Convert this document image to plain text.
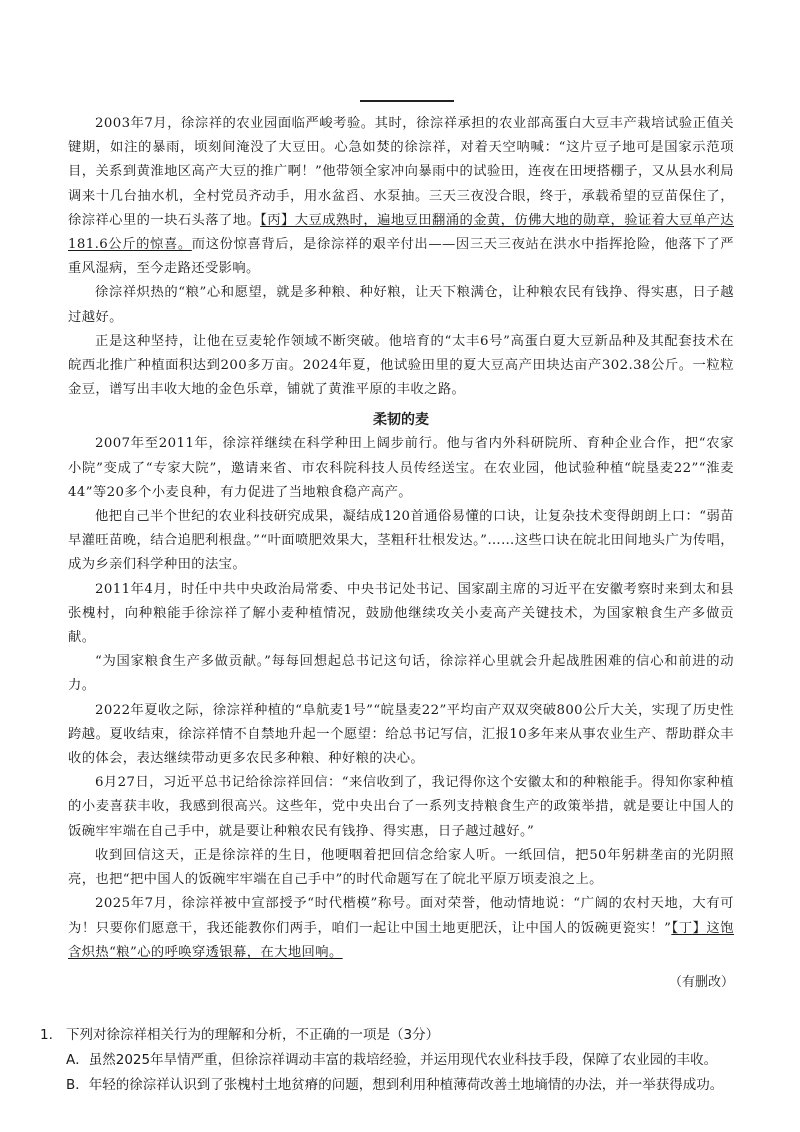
2003年7月，徐淙祥的农业园面临严峻考验。其时，徐淙祥承担的农业部高蛋白大豆丰产栽培试验正值关键期，如注的暴雨，顷刻间淹没了大豆田。心急如焚的徐淙祥，对着天空呐喊：“这片豆子地可是国家示范项目，关系到黄淮地区高产大豆的推广啊！”他带领全家冲向暴雨中的试验田，连夜在田埂搭棚子，又从县水利局调来十几台抽水机，全村党员齐动手，用水盆舀、水泵抽。三天三夜没合眼，终于，承载希望的豆苗保住了，徐淙祥心里的一块石头落了地。【丙】大豆成熟时，遍地豆田翻涌的金黄，仿佛大地的勋章，验证着大豆单产达181.6公斤的惊喜。而这份惊喜背后，是徐淙祥的艰辛付出——因三天三夜站在洪水中指挥抢险，他落下了严重风湿病，至今走路还受影响。

徐淙祥炽热的“粮”心和愿望，就是多种粮、种好粮，让天下粮满仓，让种粮农民有钱挣、得实惠，日子越过越好。

正是这种坚持，让他在豆麦轮作领域不断突破。他培育的“太丰6号”高蛋白夏大豆新品种及其配套技术在皖西北推广种植面积达到200多万亩。2024年夏，他试验田里的夏大豆高产田块达亩产302.38公斤。一粒粒金豆，谱写出丰收大地的金色乐章，铺就了黄淮平原的丰收之路。

柔韧的麦

2007年至2011年，徐淙祥继续在科学种田上阔步前行。他与省内外科研院所、育种企业合作，把“农家小院”变成了“专家大院”，邀请来省、市农科院科技人员传经送宝。在农业园，他试验种植“皖垦麦22”“淮麦44”等20多个小麦良种，有力促进了当地粮食稳产高产。

他把自己半个世纪的农业科技研究成果，凝结成120首通俗易懂的口诀，让复杂技术变得朗朗上口：“弱苗早灌旺苗晚，结合追肥利根盘。”“叶面喷肥效果大，茎粗秆壮根发达。”……这些口诀在皖北田间地头广为传唱，成为乡亲们科学种田的法宝。

2011年4月，时任中共中央政治局常委、中央书记处书记、国家副主席的习近平在安徽考察时来到太和县张槐村，向种粮能手徐淙祥了解小麦种植情况，鼓励他继续攻关小麦高产关键技术，为国家粮食生产多做贡献。

“为国家粮食生产多做贡献。”每每回想起总书记这句话，徐淙祥心里就会升起战胜困难的信心和前进的动力。

2022年夏收之际，徐淙祥种植的“阜航麦1号”“皖垦麦22”平均亩产双双突破800公斤大关，实现了历史性跨越。夏收结束，徐淙祥情不自禁地升起一个愿望：给总书记写信，汇报10多年来从事农业生产、帮助群众丰收的体会，表达继续带动更多农民多种粮、种好粮的决心。

6月27日，习近平总书记给徐淙祥回信：“来信收到了，我记得你这个安徽太和的种粮能手。得知你家种植的小麦喜获丰收，我感到很高兴。这些年，党中央出台了一系列支持粮食生产的政策举措，就是要让中国人的饭碗牢牢端在自己手中，就是要让种粮农民有钱挣、得实惠，日子越过越好。”

收到回信这天，正是徐淙祥的生日，他哽咽着把回信念给家人听。一纸回信，把50年躬耕垄亩的光阴照亮，也把“把中国人的饭碗牢牢端在自己手中”的时代命题写在了皖北平原万顷麦浪之上。

2025年7月，徐淙祥被中宣部授予“时代楷模”称号。面对荣誉，他动情地说：“广阔的农村天地，大有可为！只要你们愿意干，我还能教你们两手，咱们一起让中国土地更肥沃，让中国人的饭碗更瓷实！”【丁】这饱含炽热“粮”心的呼唤穿透银幕，在大地回响。

（有删改）

1. 下列对徐淙祥相关行为的理解和分析，不正确的一项是（3分）

A．虽然2025年旱情严重，但徐淙祥调动丰富的栽培经验，并运用现代农业科技手段，保障了农业园的丰收。

B．年轻的徐淙祥认识到了张槐村土地贫瘠的问题，想到利用种植薄荷改善土地墒情的办法，并一举获得成功。
